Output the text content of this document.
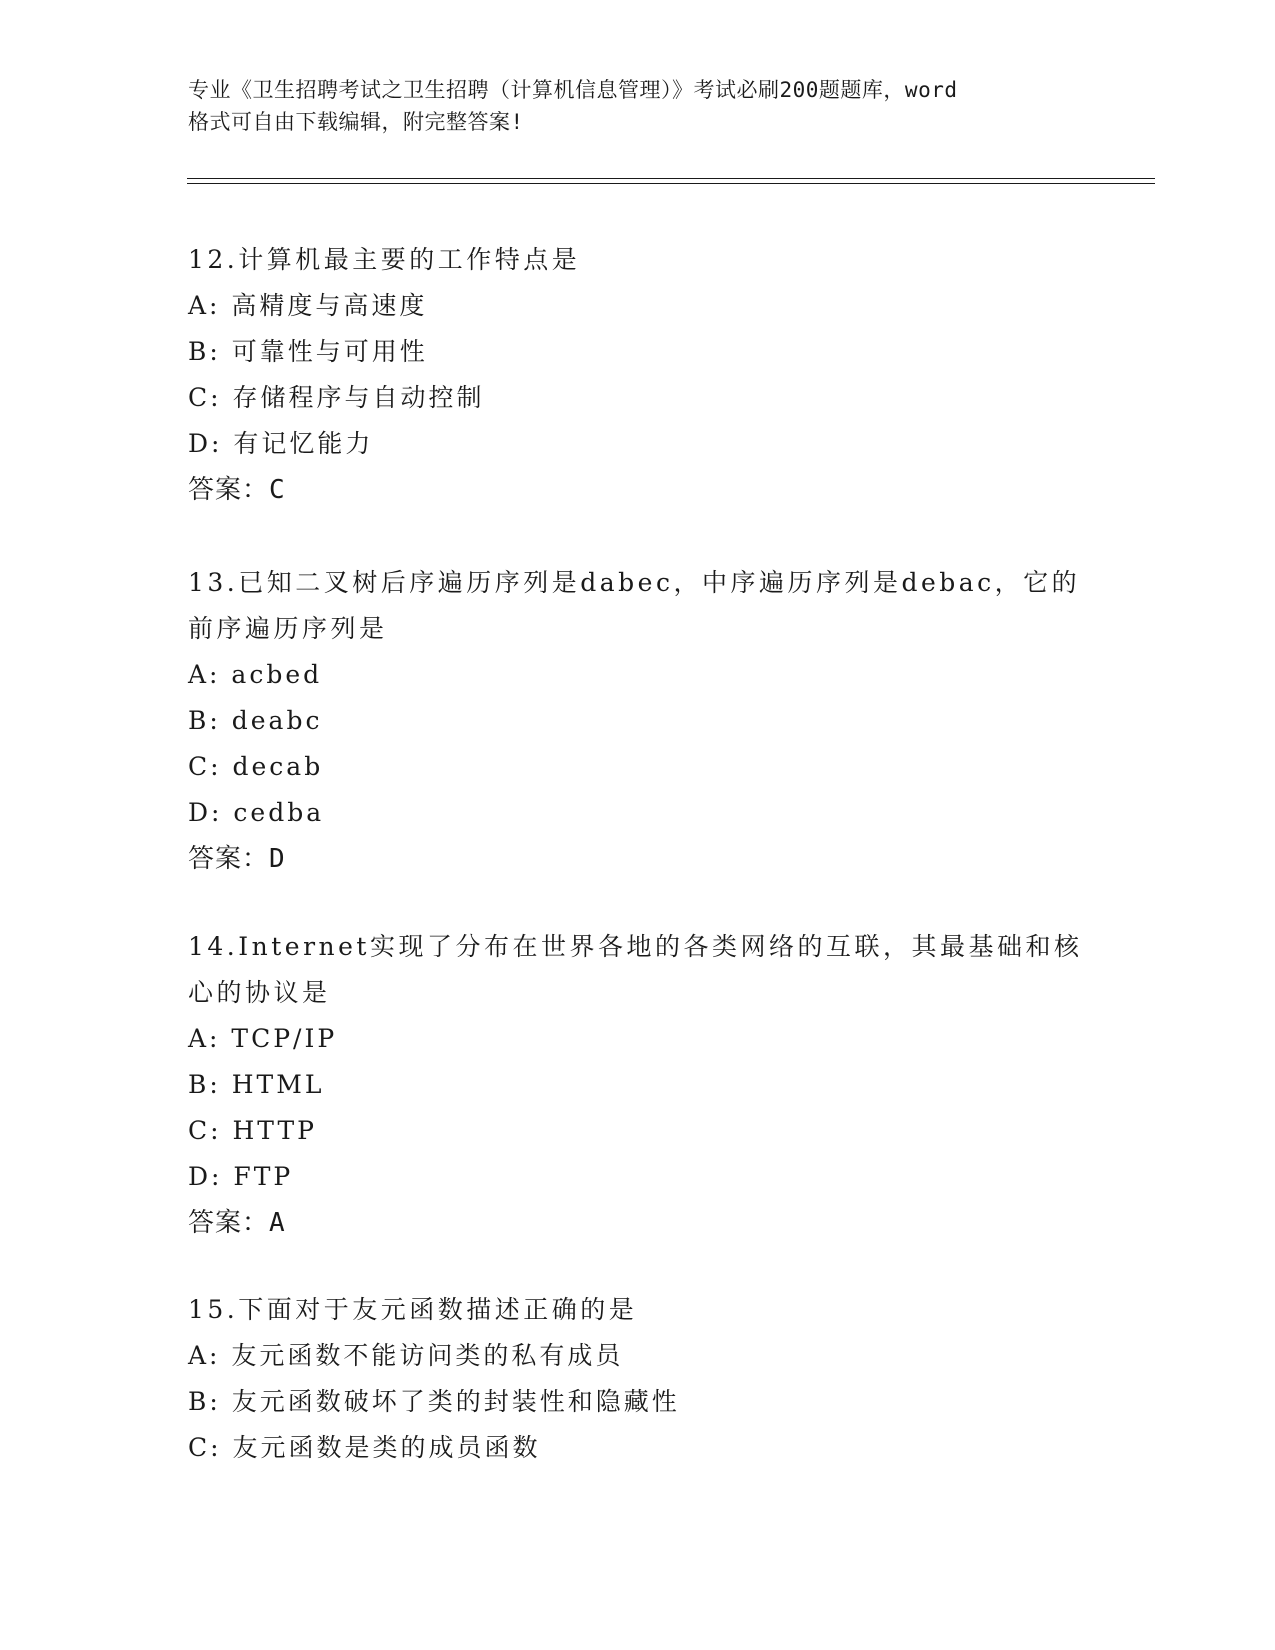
专业《卫生招聘考试之卫生招聘（计算机信息管理）》考试必刷200题题库，word
格式可自由下载编辑，附完整答案!
12.计算机最主要的工作特点是
A: 高精度与高速度
B: 可靠性与可用性
C: 存储程序与自动控制
D: 有记忆能力
答案：C
13.已知二叉树后序遍历序列是dabec，中序遍历序列是debac，它的
前序遍历序列是
A: acbed
B: deabc
C: decab
D: cedba
答案：D
14.Internet实现了分布在世界各地的各类网络的互联，其最基础和核
心的协议是
A: TCP/IP
B: HTML
C: HTTP
D: FTP
答案：A
15.下面对于友元函数描述正确的是
A: 友元函数不能访问类的私有成员
B: 友元函数破坏了类的封装性和隐藏性
C: 友元函数是类的成员函数
